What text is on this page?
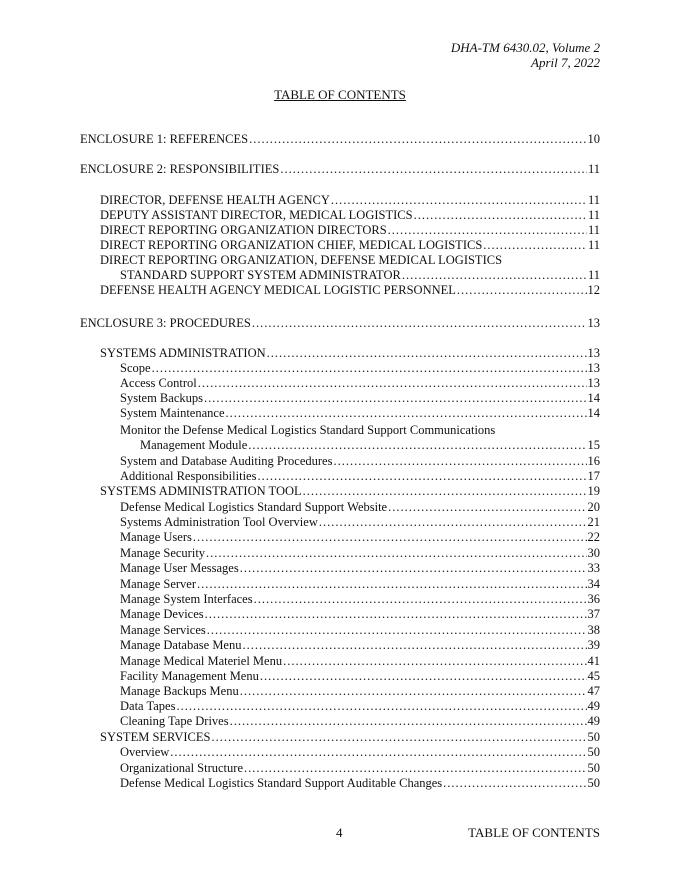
DHA-TM 6430.02, Volume 2
April 7, 2022
TABLE OF CONTENTS
ENCLOSURE 1: REFERENCES .....	10
ENCLOSURE 2: RESPONSIBILITIES .....	11
DIRECTOR, DEFENSE HEALTH AGENCY .....	11
DEPUTY ASSISTANT DIRECTOR, MEDICAL LOGISTICS .....	11
DIRECT REPORTING ORGANIZATION DIRECTORS .....	11
DIRECT REPORTING ORGANIZATION CHIEF, MEDICAL LOGISTICS .....	11
DIRECT REPORTING ORGANIZATION, DEFENSE MEDICAL LOGISTICS
STANDARD SUPPORT SYSTEM ADMINISTRATOR .....	11
DEFENSE HEALTH AGENCY MEDICAL LOGISTIC PERSONNEL .....	12
ENCLOSURE 3: PROCEDURES .....	13
SYSTEMS ADMINISTRATION .....	13
Scope .....	13
Access Control .....	13
System Backups .....	14
System Maintenance .....	14
Monitor the Defense Medical Logistics Standard Support Communications
Management Module .....	15
System and Database Auditing Procedures .....	16
Additional Responsibilities .....	17
SYSTEMS ADMINISTRATION TOOL .....	19
Defense Medical Logistics Standard Support Website .....	20
Systems Administration Tool Overview .....	21
Manage Users .....	22
Manage Security .....	30
Manage User Messages .....	33
Manage Server .....	34
Manage System Interfaces .....	36
Manage Devices .....	37
Manage Services .....	38
Manage Database Menu .....	39
Manage Medical Materiel Menu .....	41
Facility Management Menu .....	45
Manage Backups Menu .....	47
Data Tapes .....	49
Cleaning Tape Drives .....	49
SYSTEM SERVICES .....	50
Overview .....	50
Organizational Structure .....	50
Defense Medical Logistics Standard Support Auditable Changes .....	50
4	TABLE OF CONTENTS
